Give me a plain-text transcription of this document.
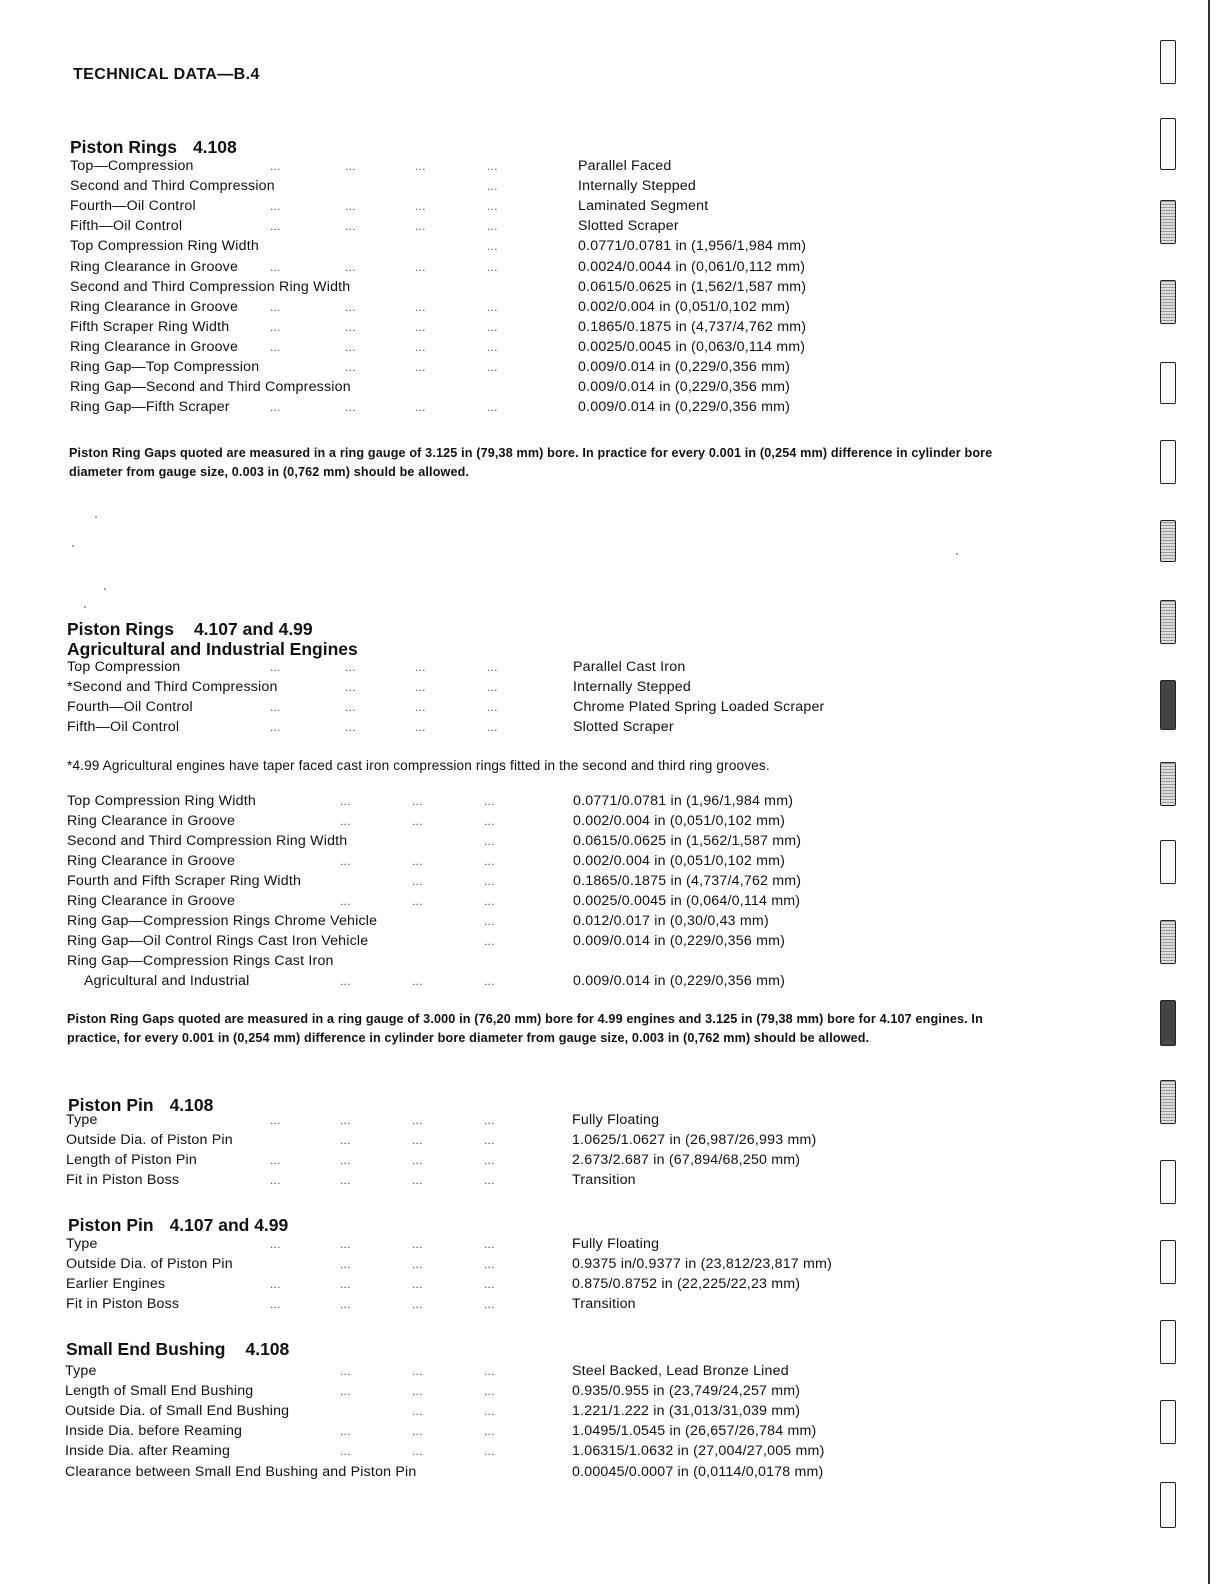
TECHNICAL DATA—B.4
Piston Rings 4.108
Top—Compression	...	...	...	...	Parallel Faced
Second and Third Compression	...	Internally Stepped
Fourth—Oil Control	...	...	...	...	Laminated Segment
Fifth—Oil Control	...	...	...	...	Slotted Scraper
Top Compression Ring Width	...	0.0771/0.0781 in (1,956/1,984 mm)
Ring Clearance in Groove	...	...	...	...	0.0024/0.0044 in (0,061/0,112 mm)
Second and Third Compression Ring Width	0.0615/0.0625 in (1,562/1,587 mm)
Ring Clearance in Groove	...	...	...	...	0.002/0.004 in (0,051/0,102 mm)
Fifth Scraper Ring Width	...	...	...	...	0.1865/0.1875 in (4,737/4,762 mm)
Ring Clearance in Groove	...	...	...	...	0.0025/0.0045 in (0,063/0,114 mm)
Ring Gap—Top Compression	...	...	...	0.009/0.014 in (0,229/0,356 mm)
Ring Gap—Second and Third Compression	0.009/0.014 in (0,229/0,356 mm)
Ring Gap—Fifth Scraper	...	...	...	...	0.009/0.014 in (0,229/0,356 mm)
Piston Ring Gaps quoted are measured in a ring gauge of 3.125 in (79,38 mm) bore. In practice for every 0.001 in (0,254 mm) difference in cylinder bore diameter from gauge size, 0.003 in (0,762 mm) should be allowed.
Piston Rings 4.107 and 4.99
Agricultural and Industrial Engines
Top Compression	...	...	...	...	Parallel Cast Iron
*Second and Third Compression	...	...	...	Internally Stepped
Fourth—Oil Control	...	...	...	...	Chrome Plated Spring Loaded Scraper
Fifth—Oil Control	...	...	...	...	Slotted Scraper
*4.99 Agricultural engines have taper faced cast iron compression rings fitted in the second and third ring grooves.
Top Compression Ring Width	...	...	...	0.0771/0.0781 in (1,96/1,984 mm)
Ring Clearance in Groove	...	...	...	0.002/0.004 in (0,051/0,102 mm)
Second and Third Compression Ring Width	...	0.0615/0.0625 in (1,562/1,587 mm)
Ring Clearance in Groove	...	...	...	0.002/0.004 in (0,051/0,102 mm)
Fourth and Fifth Scraper Ring Width	...	...	0.1865/0.1875 in (4,737/4,762 mm)
Ring Clearance in Groove	...	...	...	0.0025/0.0045 in (0,064/0,114 mm)
Ring Gap—Compression Rings Chrome Vehicle	...	0.012/0.017 in (0,30/0,43 mm)
Ring Gap—Oil Control Rings Cast Iron Vehicle	...	0.009/0.014 in (0,229/0,356 mm)
Ring Gap—Compression Rings Cast Iron
Agricultural and Industrial	...	...	...	0.009/0.014 in (0,229/0,356 mm)
Piston Ring Gaps quoted are measured in a ring gauge of 3.000 in (76,20 mm) bore for 4.99 engines and 3.125 in (79,38 mm) bore for 4.107 engines. In practice, for every 0.001 in (0,254 mm) difference in cylinder bore diameter from gauge size, 0.003 in (0,762 mm) should be allowed.
Piston Pin 4.108
Type	...	...	...	...	Fully Floating
Outside Dia. of Piston Pin	...	...	...	1.0625/1.0627 in (26,987/26,993 mm)
Length of Piston Pin	...	...	...	...	2.673/2.687 in (67,894/68,250 mm)
Fit in Piston Boss	...	...	...	...	Transition
Piston Pin 4.107 and 4.99
Type	...	...	...	...	Fully Floating
Outside Dia. of Piston Pin	...	...	...	0.9375 in/0.9377 in (23,812/23,817 mm)
Earlier Engines	...	...	...	...	0.875/0.8752 in (22,225/22,23 mm)
Fit in Piston Boss	...	...	...	...	Transition
Small End Bushing 4.108
Type	...	...	...	Steel Backed, Lead Bronze Lined
Length of Small End Bushing	...	...	...	0.935/0.955 in (23,749/24,257 mm)
Outside Dia. of Small End Bushing	...	...	1.221/1.222 in (31,013/31,039 mm)
Inside Dia. before Reaming	...	...	...	1.0495/1.0545 in (26,657/26,784 mm)
Inside Dia. after Reaming	...	...	...	1.06315/1.0632 in (27,004/27,005 mm)
Clearance between Small End Bushing and Piston Pin	0.00045/0.0007 in (0,0114/0,0178 mm)
